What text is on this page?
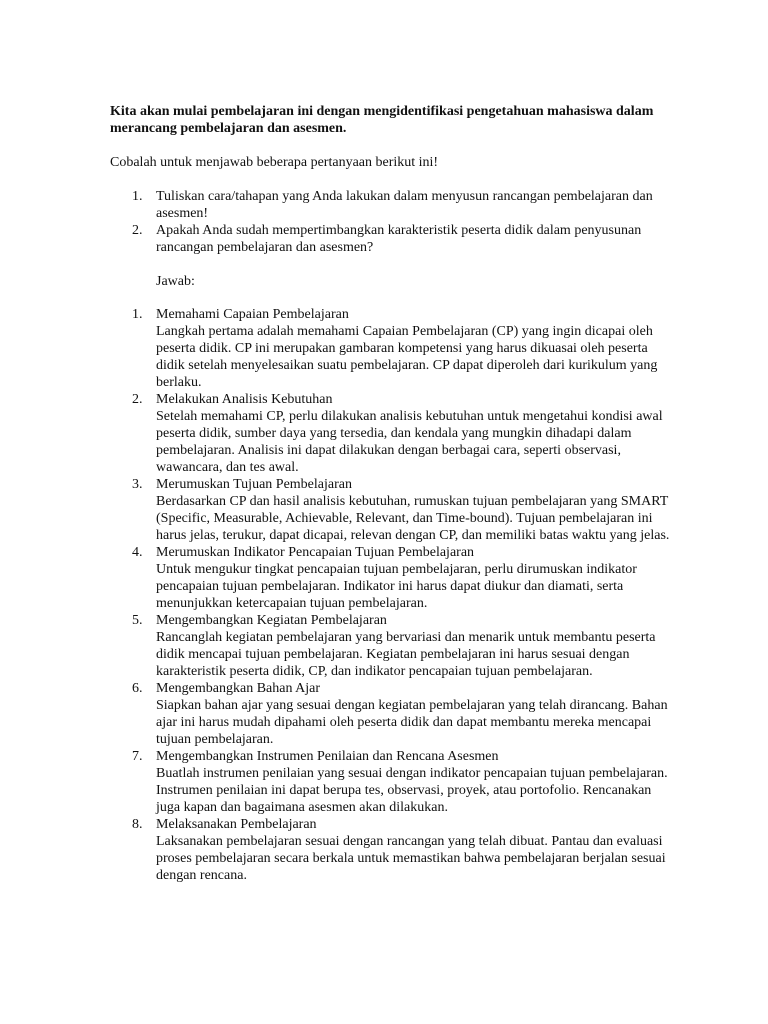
Kita akan mulai pembelajaran ini dengan mengidentifikasi pengetahuan mahasiswa dalam merancang pembelajaran dan asesmen.

Cobalah untuk menjawab beberapa pertanyaan berikut ini!

1. Tuliskan cara/tahapan yang Anda lakukan dalam menyusun rancangan pembelajaran dan asesmen!
2. Apakah Anda sudah mempertimbangkan karakteristik peserta didik dalam penyusunan rancangan pembelajaran dan asesmen?

Jawab:

1. Memahami Capaian Pembelajaran
Langkah pertama adalah memahami Capaian Pembelajaran (CP) yang ingin dicapai oleh peserta didik. CP ini merupakan gambaran kompetensi yang harus dikuasai oleh peserta didik setelah menyelesaikan suatu pembelajaran. CP dapat diperoleh dari kurikulum yang berlaku.
2. Melakukan Analisis Kebutuhan
Setelah memahami CP, perlu dilakukan analisis kebutuhan untuk mengetahui kondisi awal peserta didik, sumber daya yang tersedia, dan kendala yang mungkin dihadapi dalam pembelajaran. Analisis ini dapat dilakukan dengan berbagai cara, seperti observasi, wawancara, dan tes awal.
3. Merumuskan Tujuan Pembelajaran
Berdasarkan CP dan hasil analisis kebutuhan, rumuskan tujuan pembelajaran yang SMART (Specific, Measurable, Achievable, Relevant, dan Time-bound). Tujuan pembelajaran ini harus jelas, terukur, dapat dicapai, relevan dengan CP, dan memiliki batas waktu yang jelas.
4. Merumuskan Indikator Pencapaian Tujuan Pembelajaran
Untuk mengukur tingkat pencapaian tujuan pembelajaran, perlu dirumuskan indikator pencapaian tujuan pembelajaran. Indikator ini harus dapat diukur dan diamati, serta menunjukkan ketercapaian tujuan pembelajaran.
5. Mengembangkan Kegiatan Pembelajaran
Rancanglah kegiatan pembelajaran yang bervariasi dan menarik untuk membantu peserta didik mencapai tujuan pembelajaran. Kegiatan pembelajaran ini harus sesuai dengan karakteristik peserta didik, CP, dan indikator pencapaian tujuan pembelajaran.
6. Mengembangkan Bahan Ajar
Siapkan bahan ajar yang sesuai dengan kegiatan pembelajaran yang telah dirancang. Bahan ajar ini harus mudah dipahami oleh peserta didik dan dapat membantu mereka mencapai tujuan pembelajaran.
7. Mengembangkan Instrumen Penilaian dan Rencana Asesmen
Buatlah instrumen penilaian yang sesuai dengan indikator pencapaian tujuan pembelajaran. Instrumen penilaian ini dapat berupa tes, observasi, proyek, atau portofolio. Rencanakan juga kapan dan bagaimana asesmen akan dilakukan.
8. Melaksanakan Pembelajaran
Laksanakan pembelajaran sesuai dengan rancangan yang telah dibuat. Pantau dan evaluasi proses pembelajaran secara berkala untuk memastikan bahwa pembelajaran berjalan sesuai dengan rencana.
